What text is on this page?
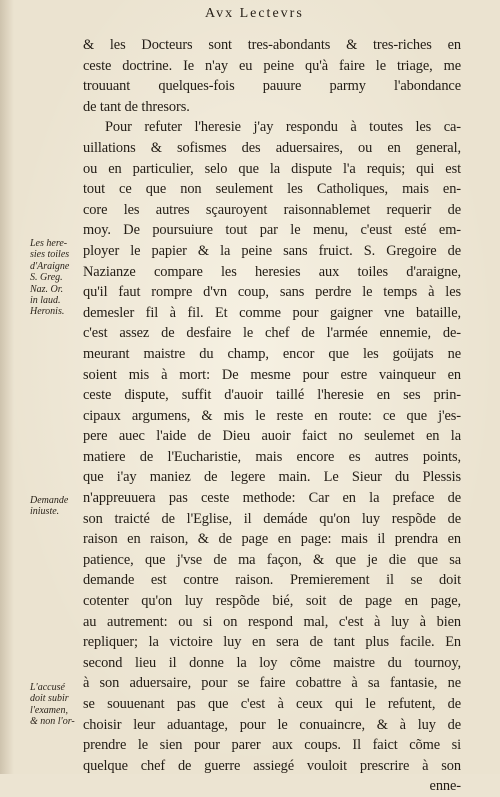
Avx Lectevrs
& les Docteurs sont tres-abondants & tres-riches en
ceste doctrine. Ie n'ay eu peine qu'à faire le triage, me
trouuant quelques-fois pauure parmy l'abondance
de tant de thresors.
Pour refuter l'heresie j'ay respondu à toutes les ca-
uillations & sofismes des aduersaires, ou en general,
ou en particulier, selo que la dispute l'a requis; qui est
tout ce que non seulement les Catholiques, mais en-
core les autres sçauroyent raisonnablemet requerir de
moy. De poursuiure tout par le menu, c'eust esté em-
ployer le papier & la peine sans fruict. S. Gregoire de
Nazianze compare les heresies aux toiles d'araigne,
qu'il faut rompre d'vn coup, sans perdre le temps à les
demesler fil à fil. Et comme pour gaigner vne bataille,
c'est assez de desfaire le chef de l'armée ennemie, de-
meurant maistre du champ, encor que les goüjats ne
soient mis à mort: De mesme pour estre vainqueur en
ceste dispute, suffit d'auoir taillé l'heresie en ses prin-
cipaux argumens, & mis le reste en route: ce que j'es-
pere auec l'aide de Dieu auoir faict no seulemet en la
matiere de l'Eucharistie, mais encore es autres points,
que i'ay maniez de legere main. Le Sieur du Plessis
n'appreuuera pas ceste methode: Car en la preface de
son traicté de l'Eglise, il demáde qu'on luy respõde de
raison en raison, & de page en page: mais il prendra en
patience, que j'vse de ma façon, & que je die que sa
demande est contre raison. Premierement il se doit
cotenter qu'on luy respõde bié, soit de page en page,
au autrement: ou si on respond mal, c'est à luy à bien
repliquer; la victoire luy en sera de tant plus facile. En
second lieu il donne la loy cõme maistre du tournoy,
à son aduersaire, pour se faire cobattre à sa fantasie, ne
se souuenant pas que c'est à ceux qui le refutent, de
choisir leur aduantage, pour le conuaincre, & à luy de
prendre le sien pour parer aux coups. Il faict cõme si
quelque chef de guerre assiegé vouloit prescrire à son
enne-
Les here-
sies toiles
d'Araigne
S. Greg.
Naz. Or.
in laud.
Heronis.
Demande
iniuste.
L'accusé
doit subir
l'examen,
& non l'or-
